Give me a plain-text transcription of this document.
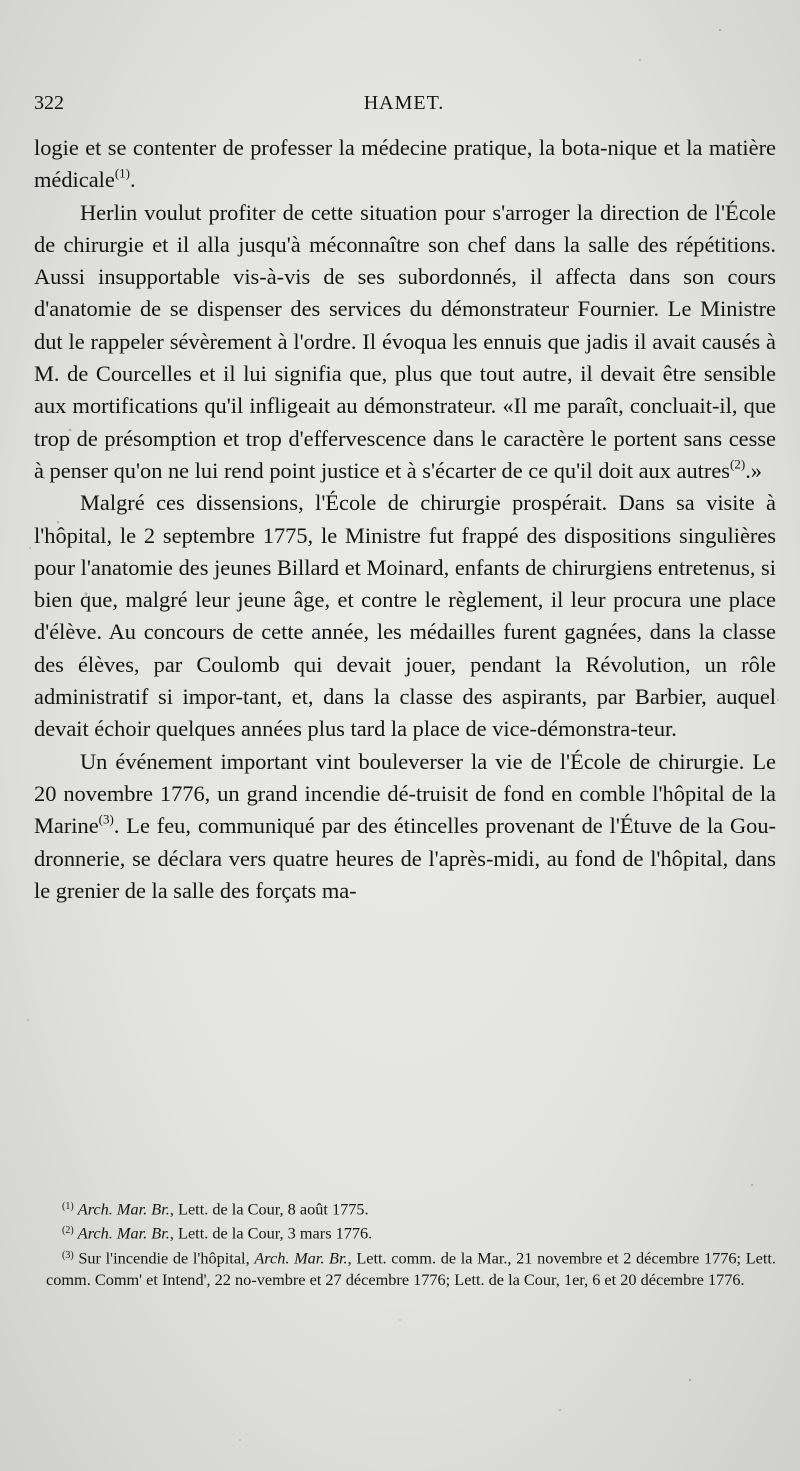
322	HAMET.

logie et se contenter de professer la médecine pratique, la bota-nique et la matière médicale$^{(1)}$.

Herlin voulut profiter de cette situation pour s'arroger la direction de l'École de chirurgie et il alla jusqu'à méconnaître son chef dans la salle des répétitions. Aussi insupportable vis-à-vis de ses subordonnés, il affecta dans son cours d'anatomie de se dispenser des services du démonstrateur Fournier. Le Ministre dut le rappeler sévèrement à l'ordre. Il évoqua les ennuis que jadis il avait causés à M. de Courcelles et il lui signifia que, plus que tout autre, il devait être sensible aux mortifications qu'il infligeait au démonstrateur. «Il me paraît, concluait-il, que trop de présomption et trop d'effervescence dans le caractère le portent sans cesse à penser qu'on ne lui rend point justice et à s'écarter de ce qu'il doit aux autres$^{(2)}$.»

Malgré ces dissensions, l'École de chirurgie prospérait. Dans sa visite à l'hôpital, le 2 septembre 1775, le Ministre fut frappé des dispositions singulières pour l'anatomie des jeunes Billard et Moinard, enfants de chirurgiens entretenus, si bien que, malgré leur jeune âge, et contre le règlement, il leur procura une place d'élève. Au concours de cette année, les médailles furent gagnées, dans la classe des élèves, par Coulomb qui devait jouer, pendant la Révolution, un rôle administratif si impor-tant, et, dans la classe des aspirants, par Barbier, auquel devait échoir quelques années plus tard la place de vice-démonstra-teur.

Un événement important vint bouleverser la vie de l'École de chirurgie. Le 20 novembre 1776, un grand incendie dé-truisit de fond en comble l'hôpital de la Marine$^{(3)}$. Le feu, communiqué par des étincelles provenant de l'Étuve de la Gou-dronnerie, se déclara vers quatre heures de l'après-midi, au fond de l'hôpital, dans le grenier de la salle des forçats ma-

$^{(1)}$ Arch. Mar. Br., Lett. de la Cour, 8 août 1775.

$^{(2)}$ Arch. Mar. Br., Lett. de la Cour, 3 mars 1776.

$^{(3)}$ Sur l'incendie de l'hôpital, Arch. Mar. Br., Lett. comm. de la Mar., 21 novembre et 2 décembre 1776; Lett. comm. Comm' et Intend', 22 no-vembre et 27 décembre 1776; Lett. de la Cour, 1er, 6 et 20 décembre 1776.
